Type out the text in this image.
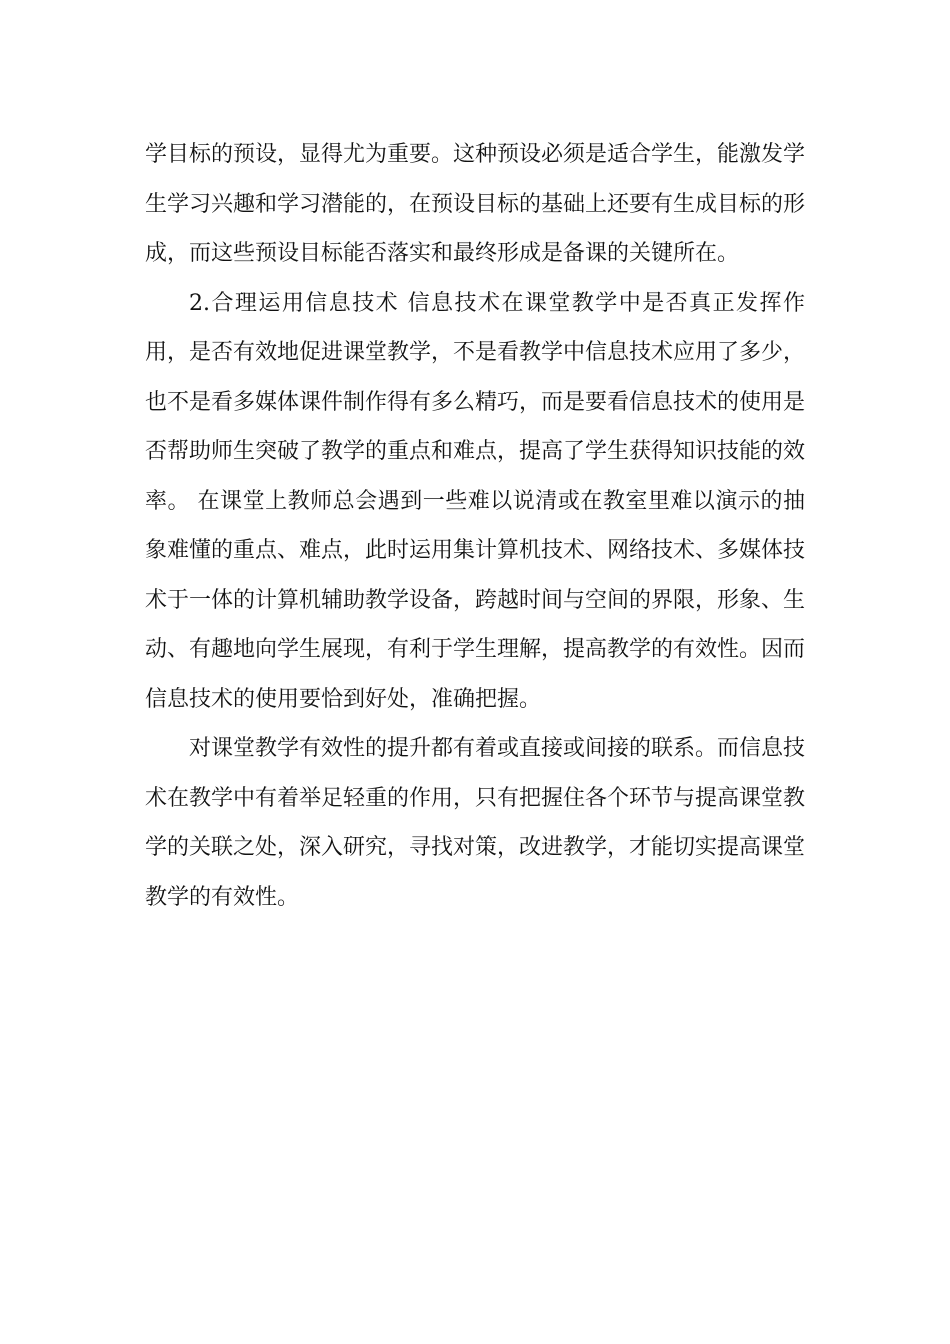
学目标的预设，显得尤为重要。这种预设必须是适合学生，能激发学生学习兴趣和学习潜能的，在预设目标的基础上还要有生成目标的形成，而这些预设目标能否落实和最终形成是备课的关键所在。

2.合理运用信息技术 信息技术在课堂教学中是否真正发挥作用，是否有效地促进课堂教学，不是看教学中信息技术应用了多少，也不是看多媒体课件制作得有多么精巧，而是要看信息技术的使用是否帮助师生突破了教学的重点和难点，提高了学生获得知识技能的效率。 在课堂上教师总会遇到一些难以说清或在教室里难以演示的抽象难懂的重点、难点，此时运用集计算机技术、网络技术、多媒体技术于一体的计算机辅助教学设备，跨越时间与空间的界限，形象、生动、有趣地向学生展现，有利于学生理解，提高教学的有效性。因而信息技术的使用要恰到好处，准确把握。

对课堂教学有效性的提升都有着或直接或间接的联系。而信息技术在教学中有着举足轻重的作用，只有把握住各个环节与提高课堂教学的关联之处，深入研究，寻找对策，改进教学，才能切实提高课堂教学的有效性。
